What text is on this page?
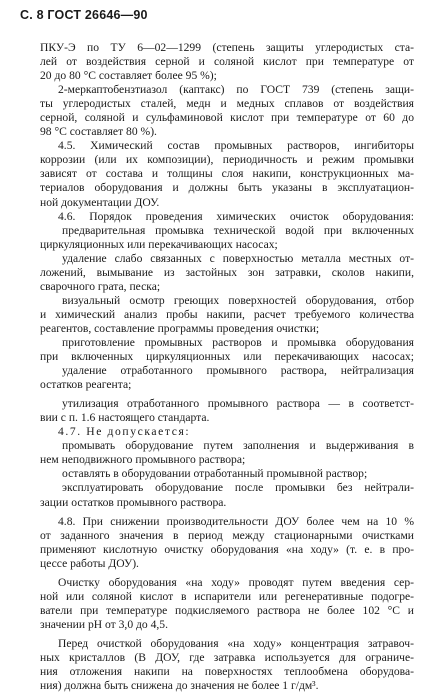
С. 8 ГОСТ 26646—90
ПКУ-Э по ТУ 6—02—1299 (степень защиты углеродистых ста-
лей от воздействия серной и соляной кислот при температуре от
20 до 80 °С составляет более 95 %);
2-меркаптобензтиазол (каптакс) по ГОСТ 739 (степень защи-
ты углеродистых сталей, медн и медных сплавов от воздействия
серной, соляной и сульфаминовой кислот при температуре от 60 до
98 °С составляет 80 %).
4.5. Химический состав промывных растворов, ингибиторы
коррозии (или их композиции), периодичность и режим промывки
зависят от состава и толщины слоя накипи, конструкционных ма-
териалов оборудования и должны быть указаны в эксплуатацион-
ной документации ДОУ.
4.6. Порядок проведения химических очисток оборудования:
предварительная промывка технической водой при включенных
циркуляционных или перекачивающих насосах;
удаление слабо связанных с поверхностью металла местных от-
ложений, вымывание из застойных зон затравки, сколов накипи,
сварочного грата, песка;
визуальный осмотр греющих поверхностей оборудования, отбор
и химический анализ пробы накипи, расчет требуемого количества
реагентов, составление программы проведения очистки;
приготовление промывных растворов и промывка оборудования
при включенных циркуляционных или перекачивающих насосах;
удаление отработанного промывного раствора, нейтрализация
остатков реагента;
утилизация отработанного промывного раствора — в соответст-
вии с п. 1.6 настоящего стандарта.
4.7. Не допускается:
промывать оборудование путем заполнения и выдерживания в
нем неподвижного промывного раствора;
оставлять в оборудовании отработанный промывной раствор;
эксплуатировать оборудование после промывки без нейтрали-
зации остатков промывного раствора.
4.8. При снижении производительности ДОУ более чем на 10 %
от заданного значения в период между стационарными очистками
применяют кислотную очистку оборудования «на ходу» (т. е. в про-
цессе работы ДОУ).
Очистку оборудования «на ходу» проводят путем введения сер-
ной или соляной кислот в испарители или регенеративные подогре-
ватели при температуре подкисляемого раствора не более 102 °С и
значении pH от 3,0 до 4,5.
Перед очисткой оборудования «на ходу» концентрация затравоч-
ных кристаллов (В ДОУ, где затравка используется для ограниче-
ния отложения накипи на поверхностях теплообмена оборудова-
ния) должна быть снижена до значения не более 1 г/дм³.
